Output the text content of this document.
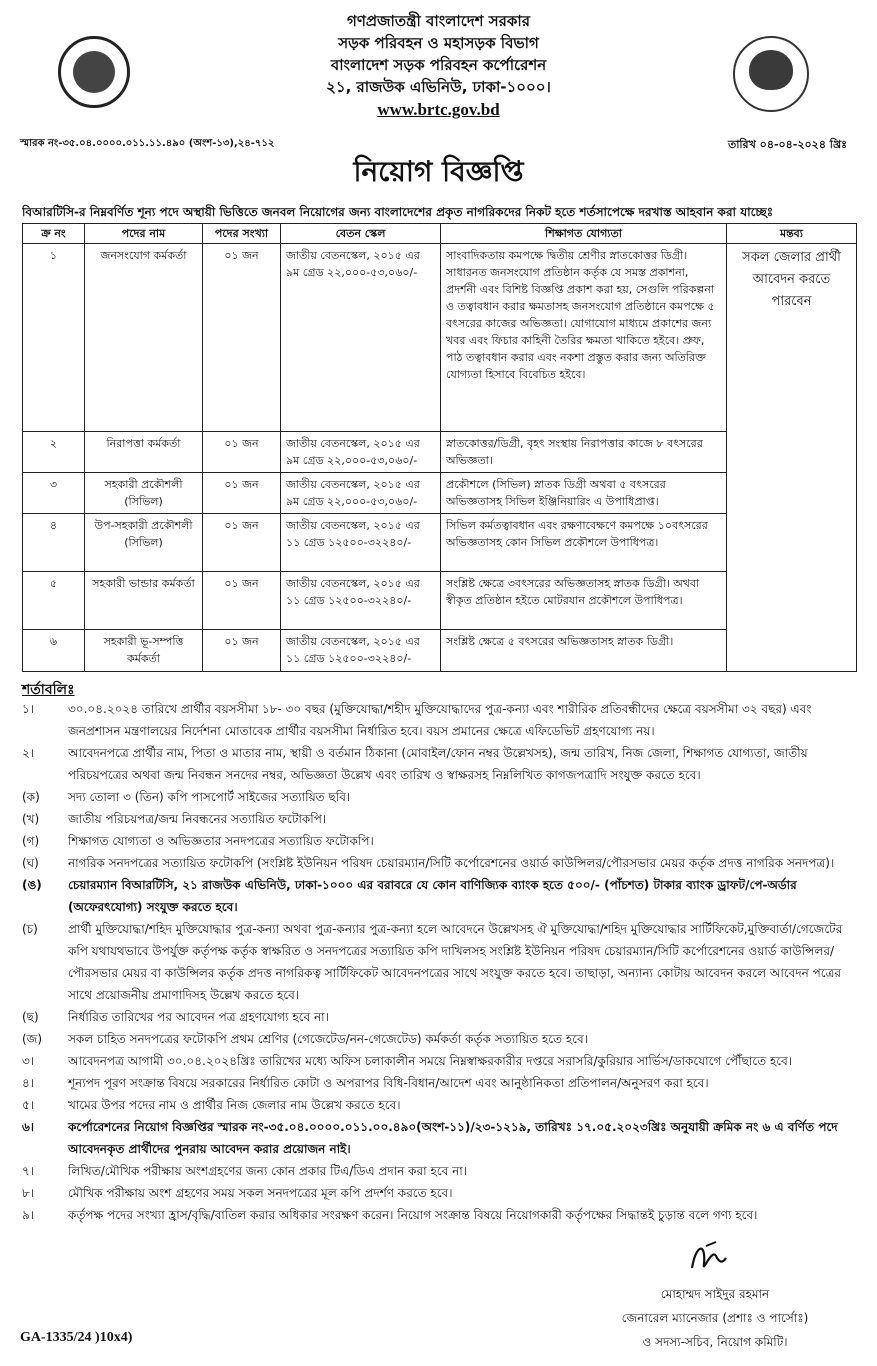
গণপ্রজাতন্ত্রী বাংলাদেশ সরকার
সড়ক পরিবহন ও মহাসড়ক বিভাগ
বাংলাদেশ সড়ক পরিবহন কর্পোরেশন
২১, রাজউক এভিনিউ, ঢাকা-১০০০।
www.brtc.gov.bd
স্মারক নং-৩৫.০৪.০০০০.০১১.১১.৪৯০ (অংশ-১৩),২৪-৭১২	তারিখ ০৪-০৪-২০২৪ খ্রিঃ
নিয়োগ বিজ্ঞপ্তি
বিআরটিসি-র নিম্নবর্ণিত শূন্য পদে অস্থায়ী ভিত্তিতে জনবল নিয়োগের জন্য বাংলাদেশের প্রকৃত নাগরিকদের নিকট হতে শর্তসাপেক্ষে দরখাস্ত আহবান করা যাচ্ছেঃ
ক্র নং	পদের নাম	পদের সংখ্যা	বেতন স্কেল	শিক্ষাগত যোগ্যতা	মন্তব্য
১	জনসংযোগ কর্মকর্তা	০১ জন	জাতীয় বেতনস্কেল, ২০১৫ এর ৯ম গ্রেড ২২,০০০-৫৩,০৬০/-	সাংবাদিকতায় কমপক্ষে দ্বিতীয় শ্রেণীর স্নাতকোত্তর ডিগ্রী। সাধারনত জনসংযোগ প্রতিষ্ঠান কর্তৃক যে সমস্ত প্রকাশনা, প্রদর্শনী এবং বিশিষ্ট বিজ্ঞপ্তি প্রকাশ করা হয়, সেগুলি পরিকল্পনা ও তত্বাবধান করার ক্ষমতাসহ জনসংযোগ প্রতিষ্ঠানে কমপক্ষে ৫ বৎসরের কাজের অভিজ্ঞতা। যোগাযোগ মাধ্যমে প্রকাশের জন্য খবর এবং ফিচার কাহিনী তৈরির ক্ষমতা থাকিতে হইবে। প্রুফ, পাঠ তত্বাবধান করার এবং নকশা প্রস্তুত করার জন্য অতিরিক্ত যোগ্যতা হিসাবে বিবেচিত হইবে।	সকল জেলার প্রার্থী আবেদন করতে পারবেন
২	নিরাপত্তা কর্মকর্তা	০১ জন	জাতীয় বেতনস্কেল, ২০১৫ এর ৯ম গ্রেড ২২,০০০-৫৩,০৬০/-	স্নাতকোত্তর/ডিগ্রী, বৃহৎ সংস্থায় নিরাপত্তার কাজে ৮ বৎসরের অভিজ্ঞতা।	
৩	সহকারী প্রকৌশলী (সিভিল)	০১ জন	জাতীয় বেতনস্কেল, ২০১৫ এর ৯ম গ্রেড ২২,০০০-৫৩,০৬০/-	প্রকৌশলে (সিভিল) স্নাতক ডিগ্রী অথবা ৫ বৎসরের অভিজ্ঞতাসহ সিভিল ইঞ্জিনিয়ারিং এ উপাধিপ্রাপ্ত।	
৪	উপ-সহকারী প্রকৌশলী (সিভিল)	০১ জন	জাতীয় বেতনস্কেল, ২০১৫ এর ১১ গ্রেড ১২৫০০-৩২২৪০/-	সিভিল কর্মতত্বাবধান এবং রক্ষণাবেক্ষণে কমপক্ষে ১০বৎসরের অভিজ্ঞতাসহ কোন সিভিল প্রকৌশলে উপাধিপত্র।	
৫	সহকারী ভান্ডার কর্মকর্তা	০১ জন	জাতীয় বেতনস্কেল, ২০১৫ এর ১১ গ্রেড ১২৫০০-৩২২৪০/-	সংশ্লিষ্ট ক্ষেত্রে ৩বৎসরের অভিজ্ঞতাসহ স্নাতক ডিগ্রী। অথবা স্বীকৃত প্রতিষ্ঠান হইতে মোটরযান প্রকৌশলে উপাধিপত্র।	
৬	সহকারী ভূ-সম্পত্তি কর্মকর্তা	০১ জন	জাতীয় বেতনস্কেল, ২০১৫ এর ১১ গ্রেড ১২৫০০-৩২২৪০/-	সংশ্লিষ্ট ক্ষেত্রে ৫ বৎসরের অভিজ্ঞতাসহ স্নাতক ডিগ্রী।	
শর্তাবলিঃ
১।	৩০.০৪.২০২৪ তারিখে প্রার্থীর বয়সসীমা ১৮- ৩০ বছর (মুক্তিযোদ্ধা/শহীদ মুক্তিযোদ্ধাদের পুত্র-কন্যা এবং শারীরিক প্রতিবন্ধীদের ক্ষেত্রে বয়সসীমা ৩২ বছর) এবং জনপ্রশাসন মন্ত্রণালয়ের নির্দেশনা মোতাবেক প্রার্থীর বয়সসীমা নির্ধারিত হবে। বয়স প্রমানের ক্ষেত্রে এফিডেভিট গ্রহণযোগ্য নয়।
২।	আবেদনপত্রে প্রার্থীর নাম, পিতা ও মাতার নাম, স্থায়ী ও বর্তমান ঠিকানা (মোবাইল/ফোন নম্বর উল্লেখসহ), জন্ম তারিখ, নিজ জেলা, শিক্ষাগত যোগ্যতা, জাতীয় পরিচয়পত্রের অথবা জন্ম নিবন্ধন সনদের নম্বর, অভিজ্ঞতা উল্লেখ এবং তারিখ ও স্বাক্ষরসহ নিম্নলিখিত কাগজপত্রাদি সংযুক্ত করতে হবে।
(ক) সদ্য তোলা ৩ (তিন) কপি পাসপোর্ট সাইজের সত্যায়িত ছবি।
(খ) জাতীয় পরিচয়পত্র/জন্ম নিবন্ধনের সত্যায়িত ফটোকপি।
(গ) শিক্ষাগত যোগ্যতা ও অভিজ্ঞতার সনদপত্রের সত্যায়িত ফটোকপি।
(ঘ) নাগরিক সনদপত্রের সত্যায়িত ফটোকপি (সংশ্লিষ্ট ইউনিয়ন পরিষদ চেয়ারম্যান/সিটি কর্পোরেশনের ওয়ার্ড কাউন্সিলর/পৌরসভার মেয়র কর্তৃক প্রদত্ত নাগরিক সনদপত্র)।
(ঙ) চেয়ারম্যান বিআরটিসি, ২১ রাজউক এভিনিউ, ঢাকা-১০০০ এর বরাবরে যে কোন বাণিজ্যিক ব্যাংক হতে ৫০০/- (পাঁচশত) টাকার ব্যাংক ড্রাফট/পে-অর্ডার (অফেরৎযোগ্য) সংযুক্ত করতে হবে।
(চ)	প্রার্থী মুক্তিযোদ্ধা/শহিদ মুক্তিযোদ্ধার পুত্র-কন্যা অথবা পুত্র-কন্যার পুত্র-কন্যা হলে আবেদনে উল্লেখসহ ঐ মুক্তিযোদ্ধা/শহিদ মুক্তিযোদ্ধার সার্টিফিকেট,মুক্তিবার্তা/গেজেটের কপি যথাযথভাবে উপর্যুক্ত কর্তৃপক্ষ কর্তৃক স্বাক্ষরিত ও সনদপত্রের সত্যায়িত কপি দাখিলসহ সংশ্লিষ্ট ইউনিয়ন পরিষদ চেয়ারম্যান/সিটি কর্পোরেশনের ওয়ার্ড কাউন্সিলর/পৌরসভার মেয়র বা কাউন্সিলর কর্তৃক প্রদত্ত নাগরিকত্ব সার্টিফিকেট আবেদনপত্রের সাথে সংযুক্ত করতে হবে। তাছাড়া, অন্যান্য কোটায় আবেদন করলে আবেদন পত্রের সাথে প্রয়োজনীয় প্রমাণাদিসহ উল্লেখ করতে হবে।
(ছ) নির্ধারিত তারিখের পর আবেদন পত্র গ্রহণযোগ্য হবে না।
(জ) সকল চাহিত সনদপত্রের ফটোকপি প্রথম শ্রেণির (গেজেটেড/নন-গেজেটেড) কর্মকর্তা কর্তৃক সত্যায়িত হতে হবে।
৩।	আবেদনপত্র আগামী ৩০.০৪.২০২৪খ্রিঃ তারিখের মধ্যে অফিস চলাকালীন সময়ে নিম্নস্বাক্ষরকারীর দপ্তরে সরাসরি/কুরিয়ার সার্ভিস/ডাকযোগে পৌঁছাতে হবে।
৪।	শূন্যপদ পূরণ সংক্রান্ত বিষয়ে সরকারের নির্ধারিত কোটা ও অপরাপর বিধি-বিধান/আদেশ এবং আনুষ্ঠানিকতা প্রতিপালন/অনুসরণ করা হবে।
৫।	খামের উপর পদের নাম ও প্রার্থীর নিজ জেলার নাম উল্লেখ করতে হবে।
৬।	কর্পোরেশনের নিয়োগ বিজ্ঞপ্তির স্মারক নং-৩৫.০৪.০০০০.০১১.০০.৪৯০(অংশ-১১)/২৩-১২১৯, তারিখঃ ১৭.০৫.২০২৩খ্রিঃ অনুযায়ী ক্রমিক নং ৬ এ বর্ণিত পদে আবেদনকৃত প্রার্থীদের পুনরায় আবেদন করার প্রয়োজন নাই।
৭।	লিখিত/মৌখিক পরীক্ষায় অংশগ্রহণের জন্য কোন প্রকার টিএ/ডিএ প্রদান করা হবে না।
৮।	মৌখিক পরীক্ষায় অংশ গ্রহণের সময় সকল সনদপত্রের মূল কপি প্রদর্শণ করতে হবে।
৯।	কর্তৃপক্ষ পদের সংখ্যা হ্রাস/বৃদ্ধি/বাতিল করার অধিকার সংরক্ষণ করেন। নিয়োগ সংক্রান্ত বিষয়ে নিয়োগকারী কর্তৃপক্ষের সিদ্ধান্তই চুড়ান্ত বলে গণ্য হবে।
মোহাম্মদ সাইদুর রহমান
জেনারেল ম্যানেজার (প্রশাঃ ও পার্সোঃ)
ও সদস্য-সচিব, নিয়োগ কমিটি।
GA-1335/24 )10x4)
